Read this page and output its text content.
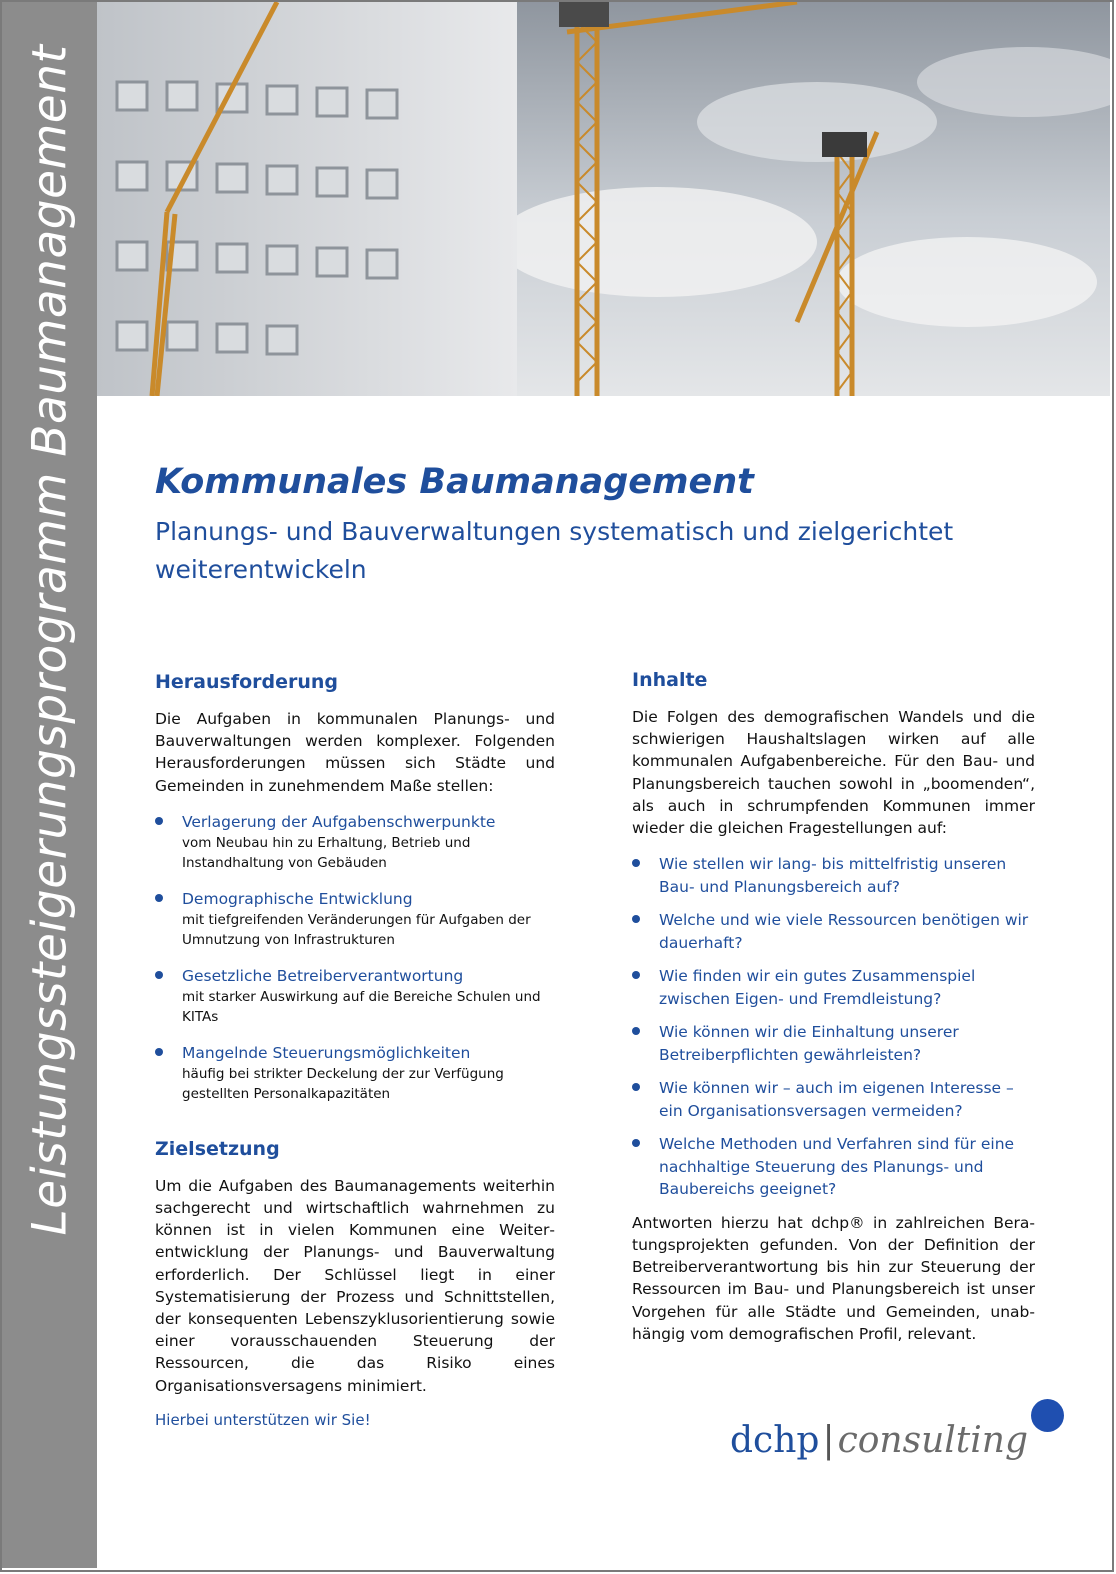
Leistungssteigerungsprogramm Baumanagement Kommunales Baumanagement

Planungs- und Bauverwaltungen systematisch und zielgerichtet weiterentwickeln

Herausforderung

Die Aufgaben in kommunalen Planungs- und Bauverwaltungen werden komplexer. Folgenden Herausforderungen müssen sich Städte und Gemeinden in zunehmendem Maße stellen:

Verlagerung der Aufgabenschwerpunkte
vom Neubau hin zu Erhaltung, Betrieb und Instandhaltung von Gebäuden
Demographische Entwicklung
mit tiefgreifenden Veränderungen für Aufgaben der Umnutzung von Infrastrukturen
Gesetzliche Betreiberverantwortung
mit starker Auswirkung auf die Bereiche Schulen und KITAs
Mangelnde Steuerungsmöglichkeiten
häufig bei strikter Deckelung der zur Verfügung gestellten Personalkapazitäten
Zielsetzung

Um die Aufgaben des Baumanagements weiterhin sachgerecht und wirtschaftlich wahrnehmen zu können ist in vielen Kommunen eine Weiterentwicklung der Planungs- und Bauverwaltung erforderlich. Der Schlüssel liegt in einer Systematisierung der Prozess und Schnittstellen, der konsequenten Lebenszyklusorientierung sowie einer vorausschauenden Steuerung der Ressourcen, die das Risiko eines Organisationsversagens minimiert.

Hierbei unterstützen wir Sie!

Inhalte

Die Folgen des demografischen Wandels und die schwierigen Haushaltslagen wirken auf alle kommunalen Aufgabenbereiche. Für den Bau- und Planungsbereich tauchen sowohl in „boomenden“, als auch in schrumpfenden Kommunen immer wieder die gleichen Fragestellungen auf:

Wie stellen wir lang- bis mittelfristig unseren Bau- und Planungsbereich auf?
Welche und wie viele Ressourcen benötigen wir dauerhaft?
Wie finden wir ein gutes Zusammenspiel zwischen Eigen- und Fremdleistung?
Wie können wir die Einhaltung unserer Betreiberpflichten gewährleisten?
Wie können wir – auch im eigenen Interesse – ein Organisationsversagen vermeiden?
Welche Methoden und Verfahren sind für eine nachhaltige Steuerung des Planungs- und Baubereichs geeignet?

Antworten hierzu hat dchp® in zahlreichen Beratungsprojekten gefunden. Von der Definition der Betreiberverantwortung bis hin zur Steuerung der Ressourcen im Bau- und Planungsbereich ist unser Vorgehen für alle Städte und Gemeinden, unabhängig vom demografischen Profil, relevant.

dchp|consulting
